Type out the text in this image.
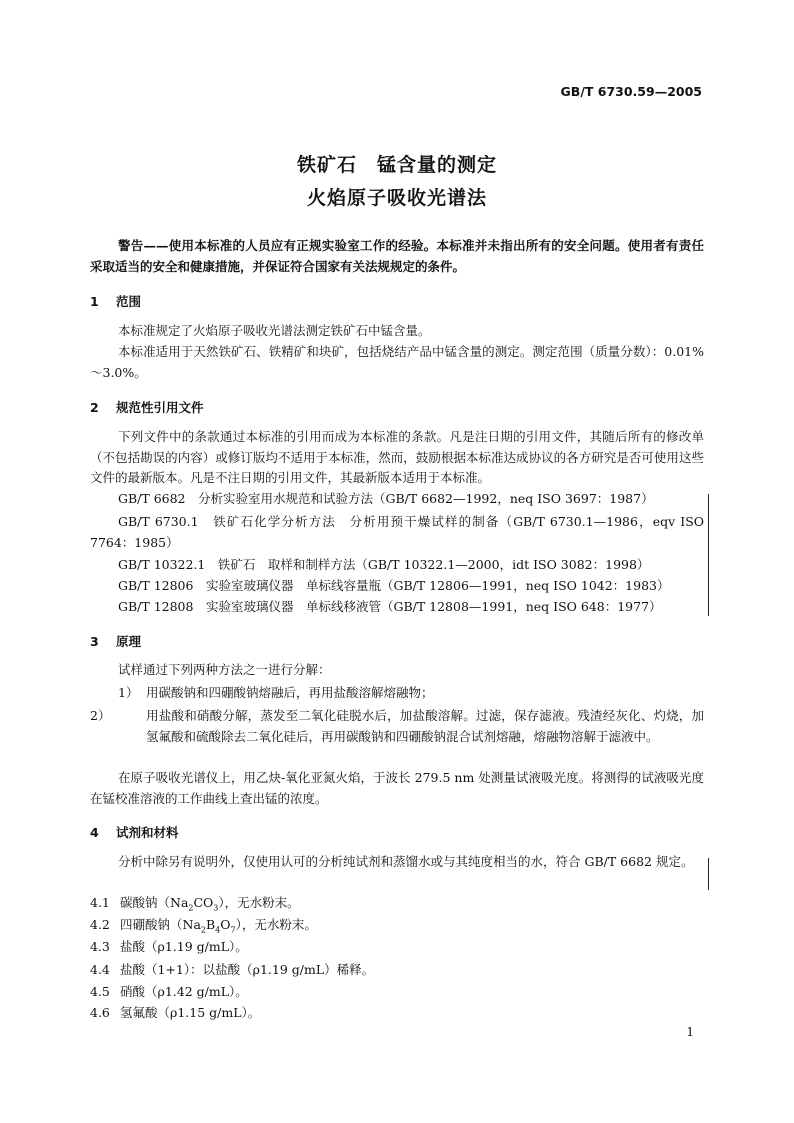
GB/T 6730.59—2005
铁矿石　锰含量的测定
火焰原子吸收光谱法
警告——使用本标准的人员应有正规实验室工作的经验。本标准并未指出所有的安全问题。使用者有责任采取适当的安全和健康措施，并保证符合国家有关法规规定的条件。
1 范围
本标准规定了火焰原子吸收光谱法测定铁矿石中锰含量。
本标准适用于天然铁矿石、铁精矿和块矿，包括烧结产品中锰含量的测定。测定范围（质量分数）：0.01%～3.0%。
2 规范性引用文件
下列文件中的条款通过本标准的引用而成为本标准的条款。凡是注日期的引用文件，其随后所有的修改单（不包括勘误的内容）或修订版均不适用于本标准，然而，鼓励根据本标准达成协议的各方研究是否可使用这些文件的最新版本。凡是不注日期的引用文件，其最新版本适用于本标准。
GB/T 6682　分析实验室用水规范和试验方法（GB/T 6682—1992，neq ISO 3697：1987）
GB/T 6730.1　铁矿石化学分析方法　分析用预干燥试样的制备（GB/T 6730.1—1986，eqv ISO 7764：1985）
GB/T 10322.1　铁矿石　取样和制样方法（GB/T 10322.1—2000，idt ISO 3082：1998）
GB/T 12806　实验室玻璃仪器　单标线容量瓶（GB/T 12806—1991，neq ISO 1042：1983）
GB/T 12808　实验室玻璃仪器　单标线移液管（GB/T 12808—1991，neq ISO 648：1977）
3 原理
试样通过下列两种方法之一进行分解：
1） 用碳酸钠和四硼酸钠熔融后，再用盐酸溶解熔融物；
2）	用盐酸和硝酸分解，蒸发至二氧化硅脱水后，加盐酸溶解。过滤，保存滤液。残渣经灰化、灼烧，加氢氟酸和硫酸除去二氧化硅后，再用碳酸钠和四硼酸钠混合试剂熔融，熔融物溶解于滤液中。
在原子吸收光谱仪上，用乙炔-氧化亚氮火焰，于波长 279.5 nm 处测量试液吸光度。将测得的试液吸光度在锰校准溶液的工作曲线上查出锰的浓度。
4 试剂和材料
分析中除另有说明外，仅使用认可的分析纯试剂和蒸馏水或与其纯度相当的水，符合 GB/T 6682 规定。
4.1 碳酸钠$(Na_2CO_3)$，无水粉末。
4.2 四硼酸钠$(Na_2B_4O_7)$，无水粉末。
4.3 盐酸（ρ1.19 g/mL）。
4.4 盐酸（1+1）：以盐酸（ρ1.19 g/mL）稀释。
4.5 硝酸（ρ1.42 g/mL）。
4.6 氢氟酸（ρ1.15 g/mL）。
1
